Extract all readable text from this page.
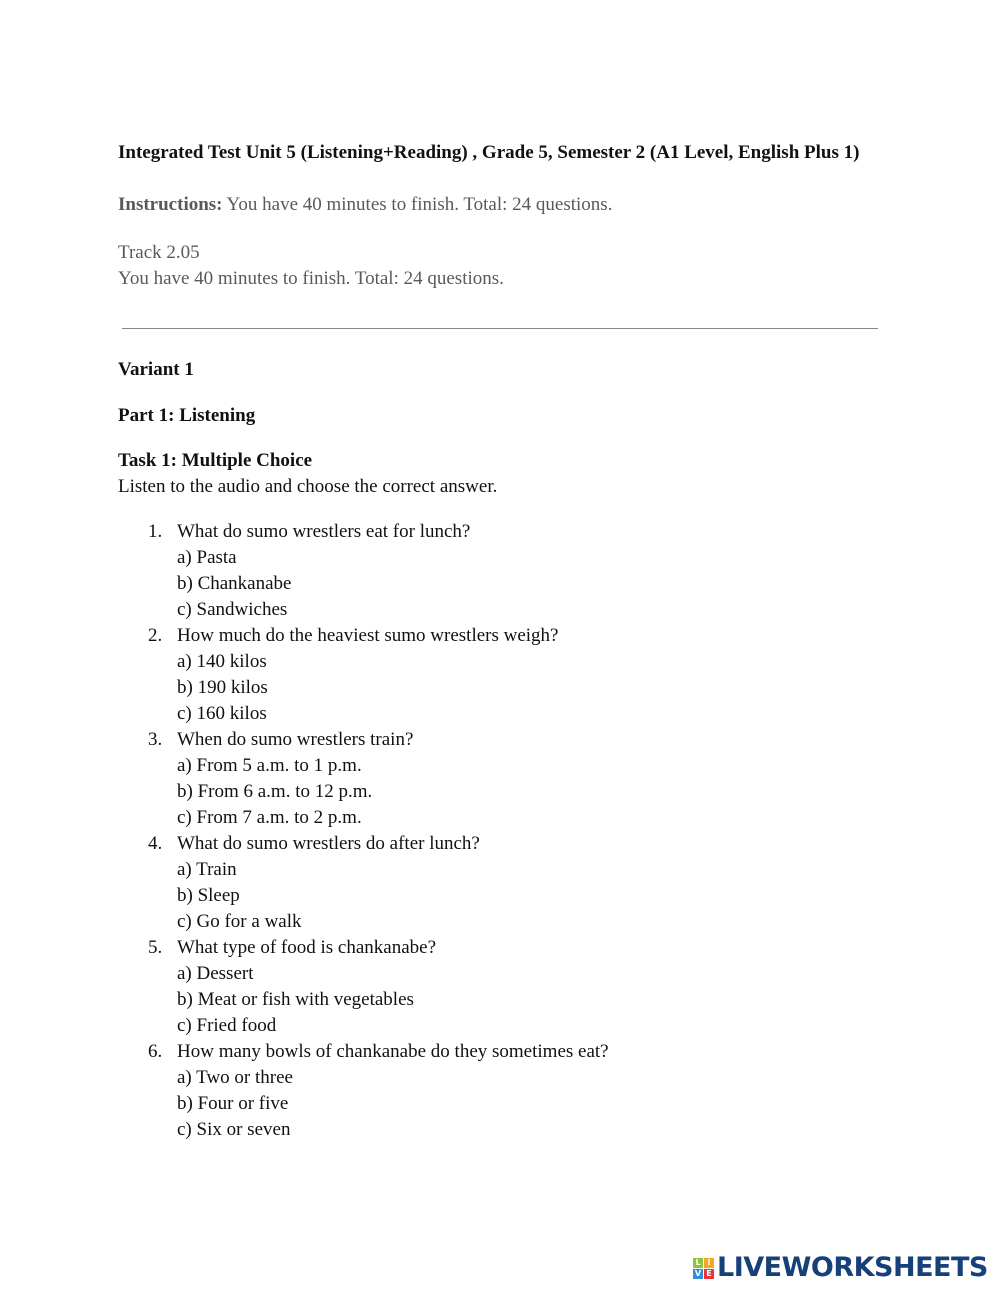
Integrated Test Unit 5 (Listening+Reading) , Grade 5, Semester 2 (A1 Level, English Plus 1)
Instructions: You have 40 minutes to finish. Total: 24 questions.
Track 2.05
You have 40 minutes to finish. Total: 24 questions.
Variant 1
Part 1: Listening
Task 1: Multiple Choice
Listen to the audio and choose the correct answer.
1. What do sumo wrestlers eat for lunch?
a) Pasta
b) Chankanabe
c) Sandwiches
2. How much do the heaviest sumo wrestlers weigh?
a) 140 kilos
b) 190 kilos
c) 160 kilos
3. When do sumo wrestlers train?
a) From 5 a.m. to 1 p.m.
b) From 6 a.m. to 12 p.m.
c) From 7 a.m. to 2 p.m.
4. What do sumo wrestlers do after lunch?
a) Train
b) Sleep
c) Go for a walk
5. What type of food is chankanabe?
a) Dessert
b) Meat or fish with vegetables
c) Fried food
6. How many bowls of chankanabe do they sometimes eat?
a) Two or three
b) Four or five
c) Six or seven
L I
V E LIVEWORKSHEETS
